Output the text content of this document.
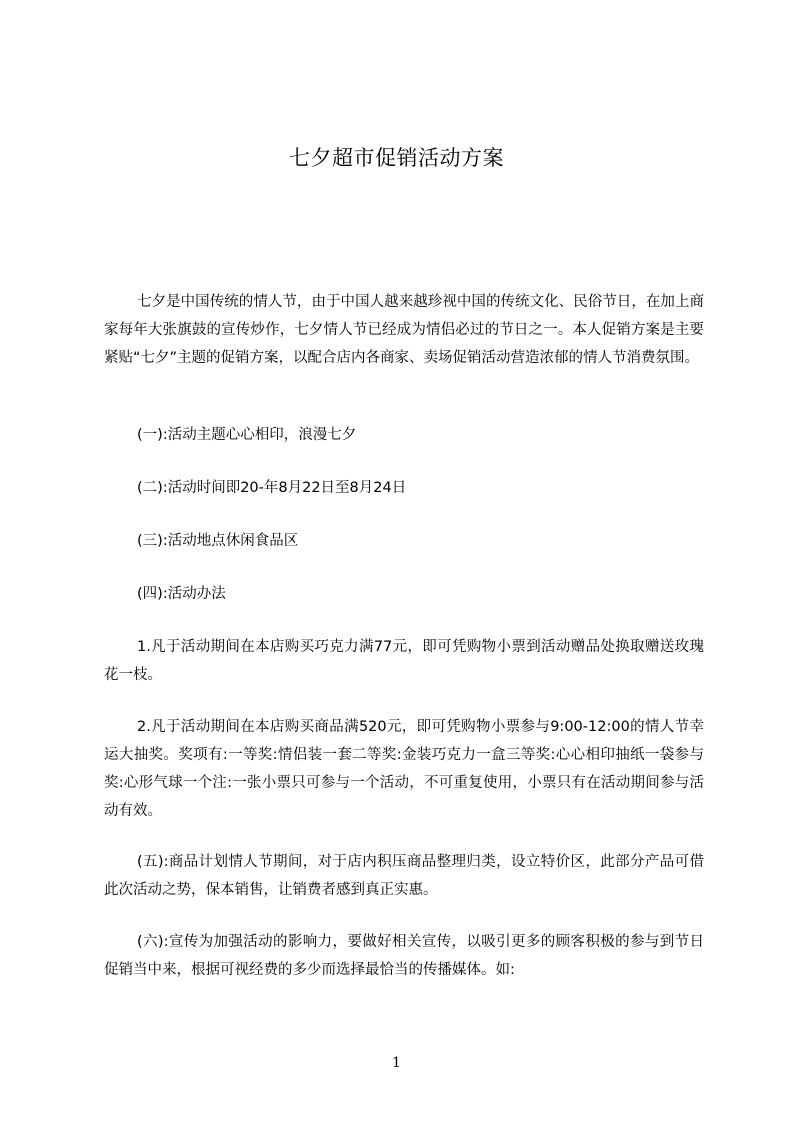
七夕超市促销活动方案

七夕是中国传统的情人节，由于中国人越来越珍视中国的传统文化、民俗节日，在加上商家每年大张旗鼓的宣传炒作，七夕情人节已经成为情侣必过的节日之一。本人促销方案是主要紧贴“七夕”主题的促销方案，以配合店内各商家、卖场促销活动营造浓郁的情人节消费氛围。

(一):活动主题心心相印，浪漫七夕

(二):活动时间即20-年8月22日至8月24日

(三):活动地点休闲食品区

(四):活动办法

1.凡于活动期间在本店购买巧克力满77元，即可凭购物小票到活动赠品处换取赠送玫瑰花一枝。

2.凡于活动期间在本店购买商品满520元，即可凭购物小票参与9:00-12:00的情人节幸运大抽奖。奖项有:一等奖:情侣装一套二等奖:金装巧克力一盒三等奖:心心相印抽纸一袋参与奖:心形气球一个注:一张小票只可参与一个活动，不可重复使用，小票只有在活动期间参与活动有效。

(五):商品计划情人节期间，对于店内积压商品整理归类，设立特价区，此部分产品可借此次活动之势，保本销售，让销费者感到真正实惠。

(六):宣传为加强活动的影响力，要做好相关宣传，以吸引更多的顾客积极的参与到节日促销当中来，根据可视经费的多少而选择最恰当的传播媒体。如:

1
